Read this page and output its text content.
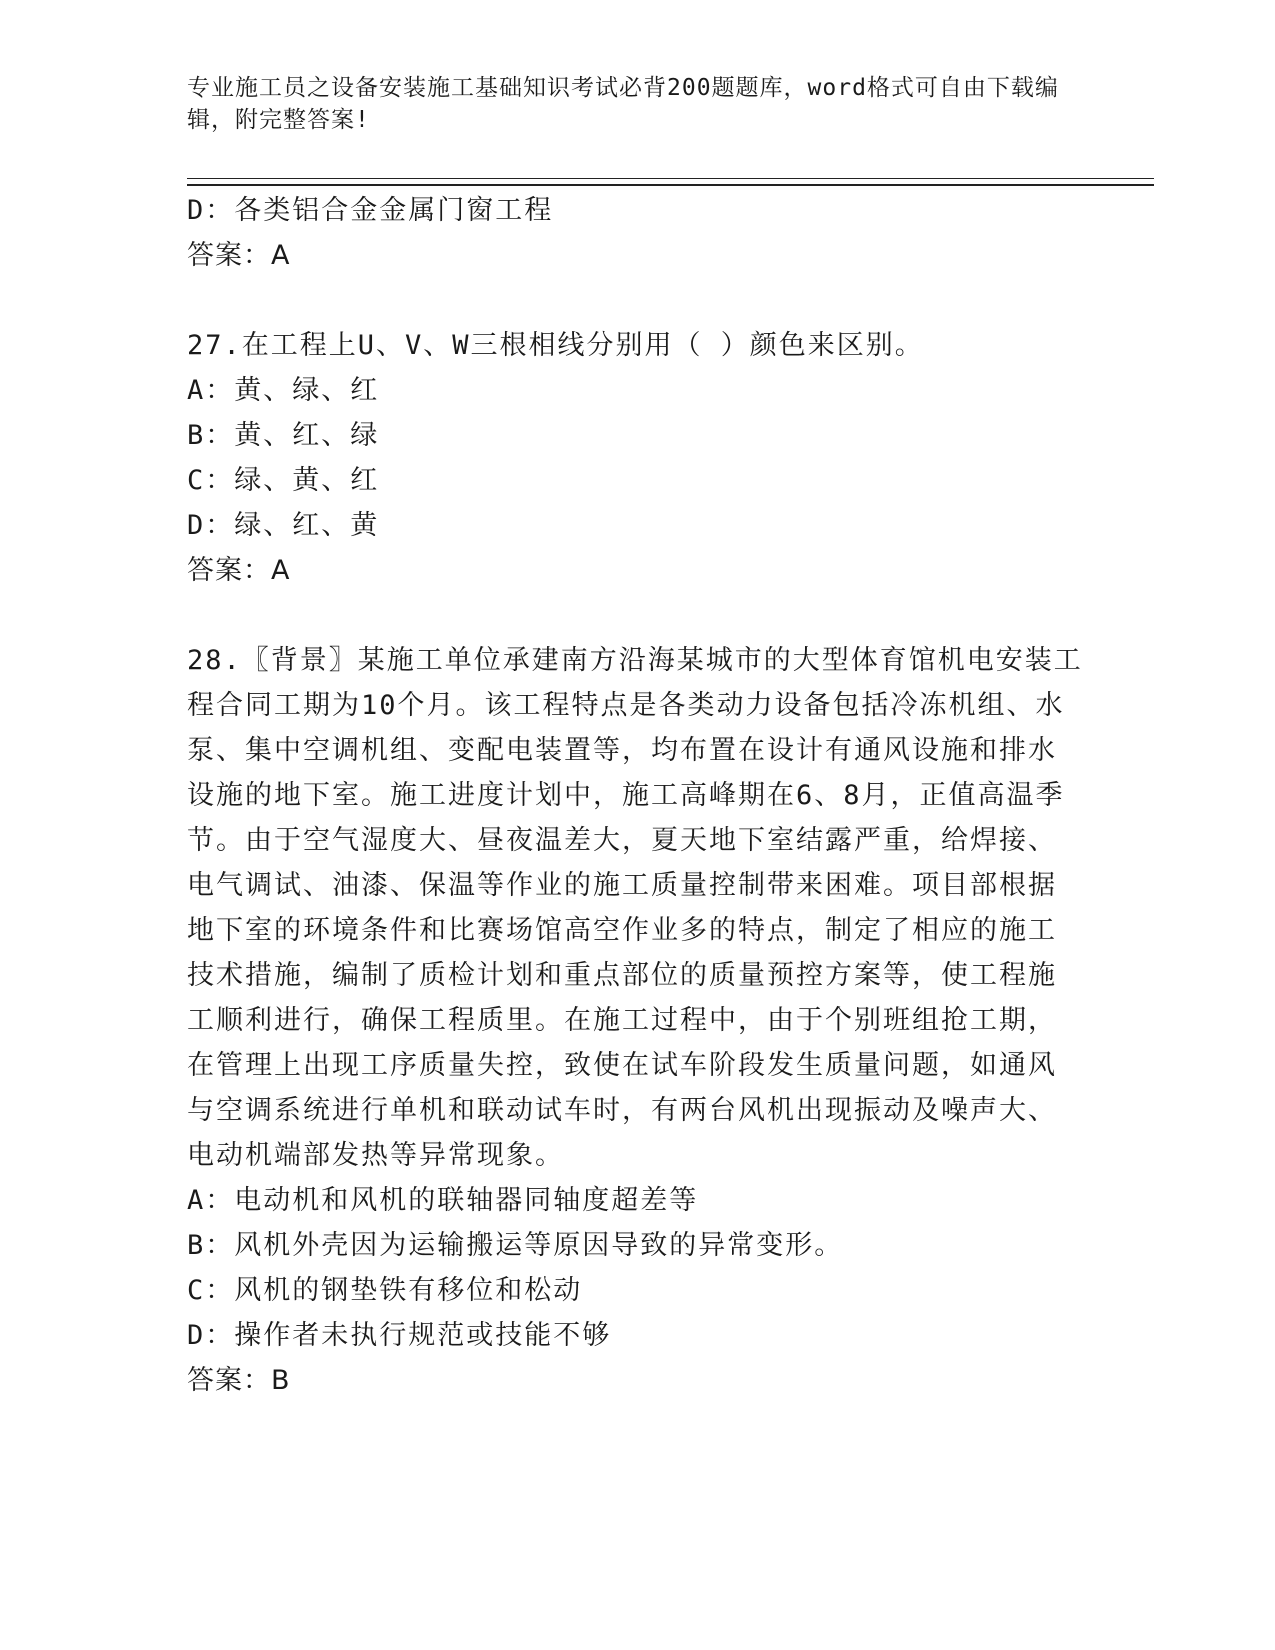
专业施工员之设备安装施工基础知识考试必背200题题库，word格式可自由下载编辑，附完整答案!
D：各类铝合金金属门窗工程
答案：A
27.在工程上U、V、W三根相线分别用（ ）颜色来区别。
A：黄、绿、红
B：黄、红、绿
C：绿、黄、红
D：绿、红、黄
答案：A
28.〖背景〗某施工单位承建南方沿海某城市的大型体育馆机电安装工
程合同工期为10个月。该工程特点是各类动力设备包括冷冻机组、水
泵、集中空调机组、变配电装置等，均布置在设计有通风设施和排水
设施的地下室。施工进度计划中，施工高峰期在6、8月，正值高温季
节。由于空气湿度大、昼夜温差大，夏天地下室结露严重，给焊接、
电气调试、油漆、保温等作业的施工质量控制带来困难。项目部根据
地下室的环境条件和比赛场馆高空作业多的特点，制定了相应的施工
技术措施，编制了质检计划和重点部位的质量预控方案等，使工程施
工顺利进行，确保工程质里。在施工过程中，由于个别班组抢工期，
在管理上出现工序质量失控，致使在试车阶段发生质量问题，如通风
与空调系统进行单机和联动试车时，有两台风机出现振动及噪声大、
电动机端部发热等异常现象。
A：电动机和风机的联轴器同轴度超差等
B：风机外壳因为运输搬运等原因导致的异常变形。
C：风机的钢垫铁有移位和松动
D：操作者未执行规范或技能不够
答案：B
